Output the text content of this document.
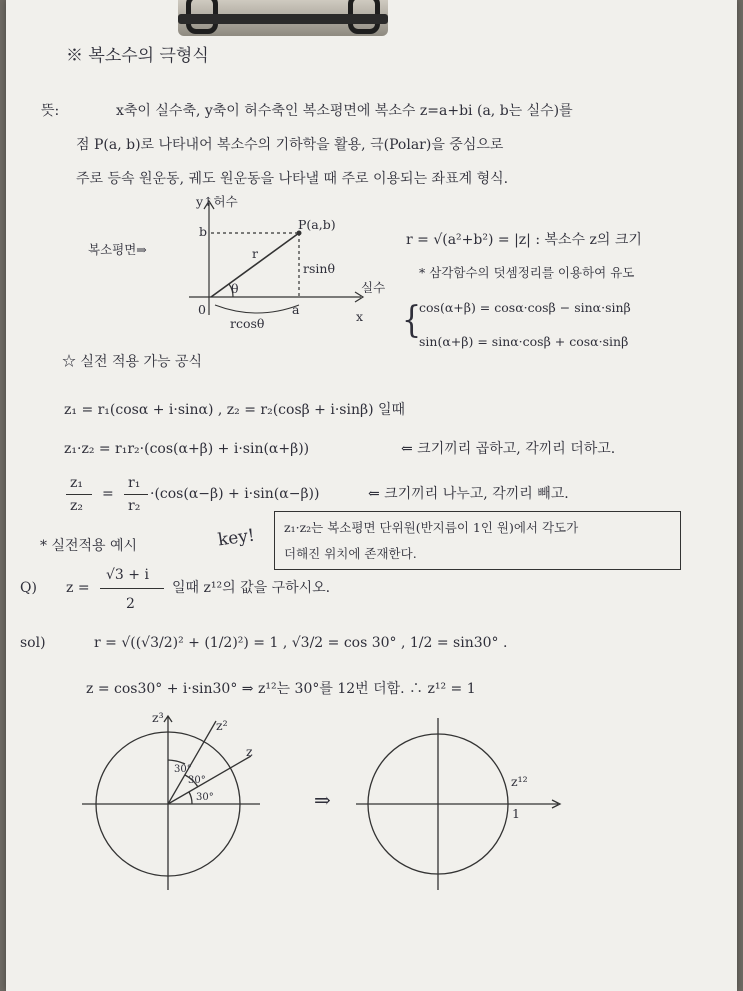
※ 복소수의 극형식
뜻:	x축이 실수축, y축이 허수축인 복소평면에 복소수 z=a+bi (a, b는 실수)를
점 P(a, b)로 나타내어 복소수의 기하학을 활용, 극(Polar)을 중심으로
주로 등속 원운동, 궤도 원운동을 나타낼 때 주로 이용되는 좌표계 형식.
y↑허수
b	P(a,b)
r
rsinθ
θ
0	a
rcosθ
실수
x
복소평면⇒
r = √(a²+b²) = |z| : 복소수 z의 크기
* 삼각함수의 덧셈정리를 이용하여 유도
{
cos(α+β) = cosα·cosβ − sinα·sinβ
sin(α+β) = sinα·cosβ + cosα·sinβ
☆ 실전 적용 가능 공식
z₁ = r₁(cosα + i·sinα) , z₂ = r₂(cosβ + i·sinβ) 일때
z₁·z₂ = r₁r₂·(cos(α+β) + i·sin(α+β))	⇐ 크기끼리 곱하고, 각끼리 더하고.
z₁
z₂
=
r₁
r₂
·(cos(α−β) + i·sin(α−β))	⇐ 크기끼리 나누고, 각끼리 빼고.
* 실전적용 예시	key! z₁·z₂는 복소평면 단위원(반지름이 1인 원)에서 각도가
더해진 위치에 존재한다.
Q) z =
√3 + i
2
일때 z¹²의 값을 구하시오.
sol)	r = √((√3/2)² + (1/2)²) = 1 , √3/2 = cos 30° , 1/2 = sin30° .
z = cos30° + i·sin30° ⇒ z¹²는 30°를 12번 더함. ∴ z¹² = 1
z³
z²
z
30°
30°
30°	⇒
z¹²
1
